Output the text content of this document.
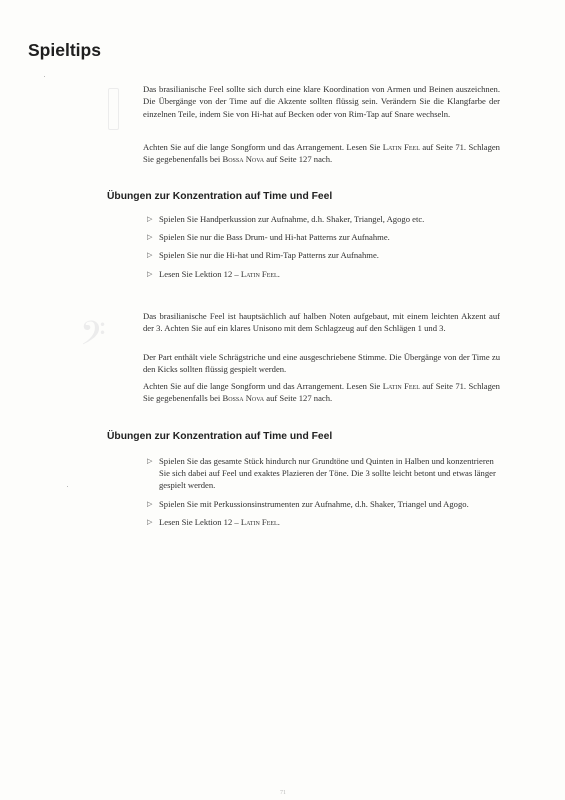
Spieltips

Das brasilianische Feel sollte sich durch eine klare Koordination von Armen und Beinen auszeichnen. Die Übergänge von der Time auf die Akzente sollten flüssig sein. Verändern Sie die Klangfarbe der einzelnen Teile, indem Sie von Hi-hat auf Becken oder von Rim-Tap auf Snare wechseln.

Achten Sie auf die lange Songform und das Arrangement. Lesen Sie Latin Feel auf Seite 71. Schlagen Sie gegebenenfalls bei Bossa Nova auf Seite 127 nach.

Übungen zur Konzentration auf Time und Feel
▷ Spielen Sie Handperkussion zur Aufnahme, d.h. Shaker, Triangel, Agogo etc.
▷ Spielen Sie nur die Bass Drum- und Hi-hat Patterns zur Aufnahme.
▷ Spielen Sie nur die Hi-hat und Rim-Tap Patterns zur Aufnahme.
▷ Lesen Sie Lektion 12 – Latin Feel.
𝄢	Das brasilianische Feel ist hauptsächlich auf halben Noten aufgebaut, mit einem leichten Akzent auf der 3. Achten Sie auf ein klares Unisono mit dem Schlagzeug auf den Schlägen 1 und 3.

Der Part enthält viele Schrägstriche und eine ausgeschriebene Stimme. Die Übergänge von der Time zu den Kicks sollten flüssig gespielt werden.

Achten Sie auf die lange Songform und das Arrangement. Lesen Sie Latin Feel auf Seite 71. Schlagen Sie gegebenenfalls bei Bossa Nova auf Seite 127 nach.

Übungen zur Konzentration auf Time und Feel
▷ Spielen Sie das gesamte Stück hindurch nur Grundtöne und Quinten in Halben und konzentrieren Sie sich dabei auf Feel und exaktes Plazieren der Töne. Die 3 sollte leicht betont und etwas länger gespielt werden.
▷ Spielen Sie mit Perkussionsinstrumenten zur Aufnahme, d.h. Shaker, Triangel und Agogo.
▷ Lesen Sie Lektion 12 – Latin Feel.
71
